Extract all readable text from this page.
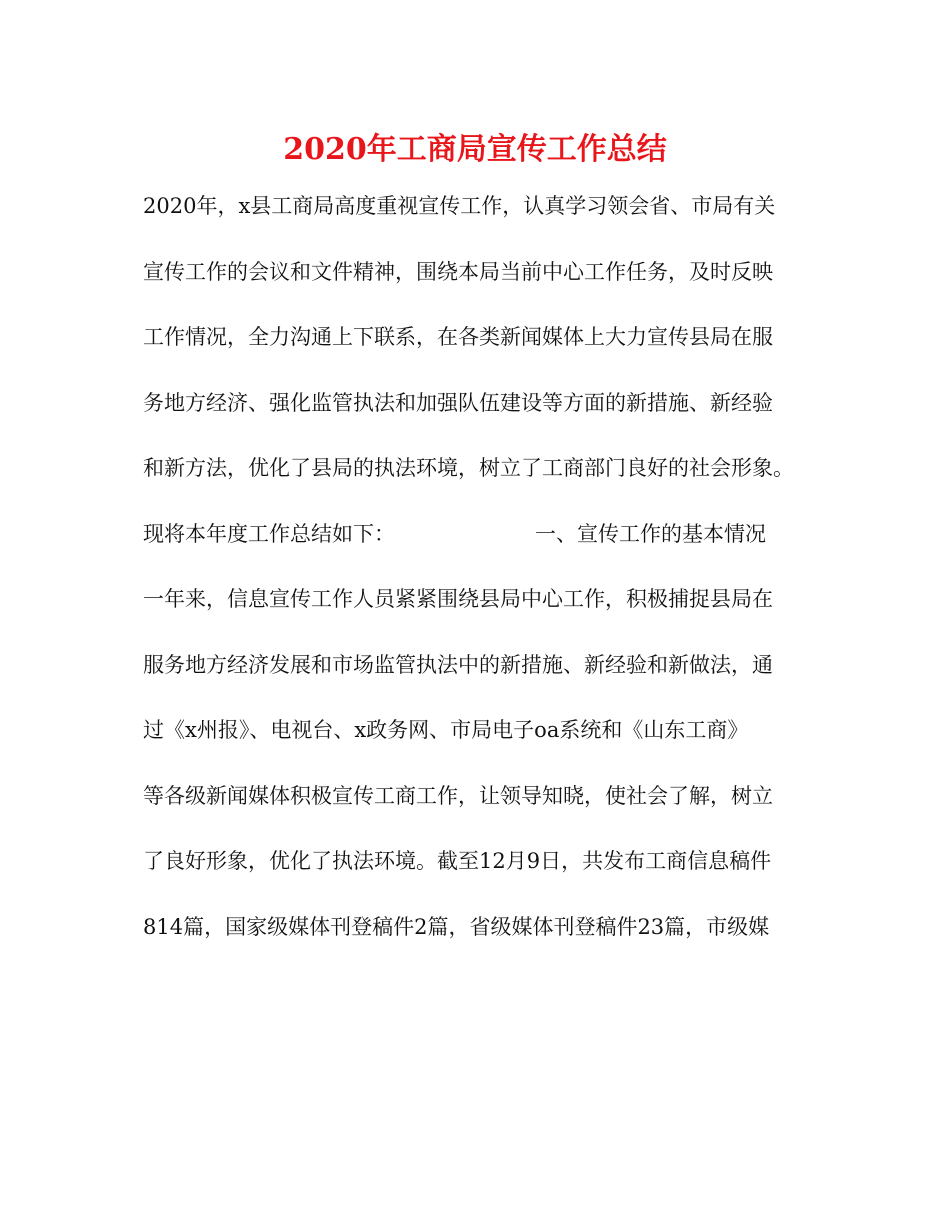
2020年工商局宣传工作总结
2020年，x县工商局高度重视宣传工作，认真学习领会省、市局有关
宣传工作的会议和文件精神，围绕本局当前中心工作任务，及时反映
工作情况，全力沟通上下联系，在各类新闻媒体上大力宣传县局在服
务地方经济、强化监管执法和加强队伍建设等方面的新措施、新经验
和新方法，优化了县局的执法环境，树立了工商部门良好的社会形象。
现将本年度工作总结如下：	一、宣传工作的基本情况
一年来，信息宣传工作人员紧紧围绕县局中心工作，积极捕捉县局在
服务地方经济发展和市场监管执法中的新措施、新经验和新做法，通
过《x州报》、电视台、x政务网、市局电子oa系统和《山东工商》
等各级新闻媒体积极宣传工商工作，让领导知晓，使社会了解，树立
了良好形象，优化了执法环境。截至12月9日，共发布工商信息稿件
814篇，国家级媒体刊登稿件2篇，省级媒体刊登稿件23篇，市级媒
